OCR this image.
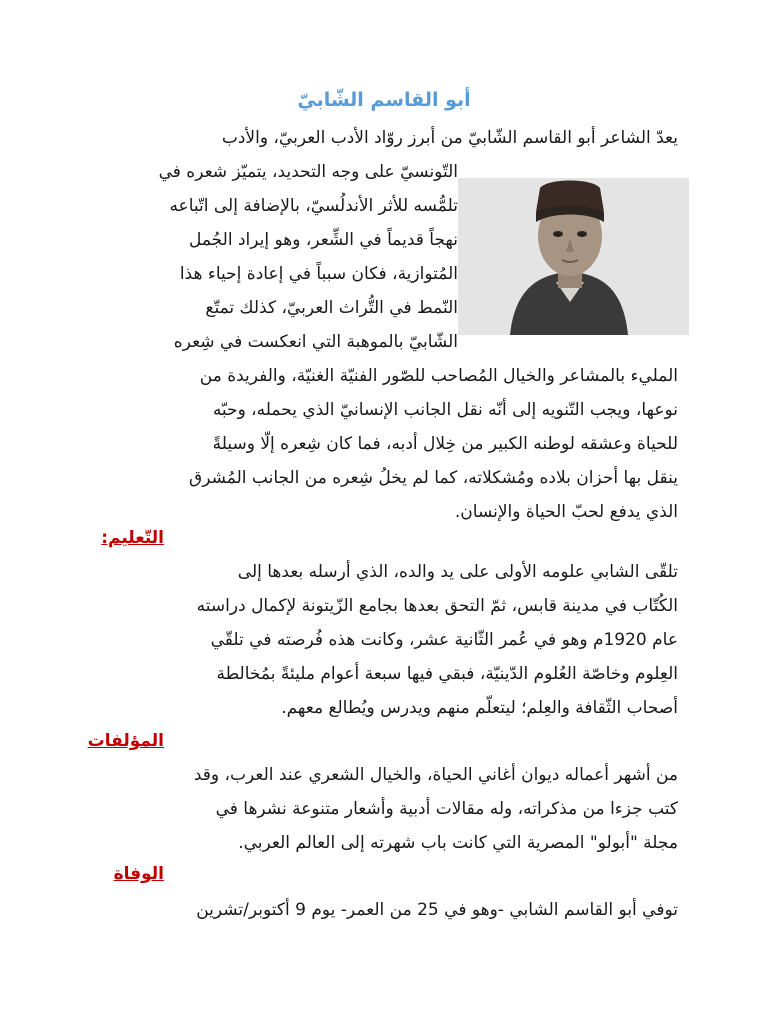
أبو القاسم الشّابيّ

يعدّ الشاعر أبو القاسم الشّابيّ من أبرز روّاد الأدب العربيّ، والأدب

التّونسيّ على وجه التحديد، يتميّز شعره في

تلمُّسه للأثر الأندلُسيّ، بالإضافة إلى اتّباعه

نهجاً قديماً في الشِّعر، وهو إيراد الجُمل

المُتوازية، فكان سبباً في إعادة إحياء هذا

النّمط في التُّراث العربيّ، كذلك تمتّع

الشّابيّ بالموهبة التي انعكست في شِعره

المليء بالمشاعر والخيال المُصاحب للصّور الفنيّة الغنيّة، والفريدة من

نوعها، ويجب التّنويه إلى أنّه نقل الجانب الإنسانيّ الذي يحمله، وحبّه

للحياة وعشقه لوطنه الكبير من خِلال أدبه، فما كان شِعره إلّا وسيلةً

ينقل بها أحزان بلاده ومُشكلاته، كما لم يخلُ شِعره من الجانب المُشرق

الذي يدفع لحبّ الحياة والإنسان.

التّعليم:

تلقّى الشابي علومه الأولى على يد والده، الذي أرسله بعدها إلى

الكُتّاب في مدينة قابس، ثمّ التحق بعدها بجامع الزّيتونة لإكمال دراسته

عام 1920م وهو في عُمر الثّانية عشر، وكانت هذه فُرصته في تلقّي

العِلوم وخاصّة العُلوم الدّينيّة، فبقي فيها سبعة أعوام مليئةً بمُخالطة

أصحاب الثّقافة والعِلم؛ ليتعلّم منهم ويدرس ويُطالع معهم.

المؤلفات

من أشهر أعماله ديوان أغاني الحياة، والخيال الشعري عند العرب، وقد

كتب جزءا من مذكراته، وله مقالات أدبية وأشعار متنوعة نشرها في

مجلة "أبولو" المصرية التي كانت باب شهرته إلى العالم العربي.

الوفاة

توفي أبو القاسم الشابي -وهو في 25 من العمر- يوم 9 أكتوبر/تشرين
